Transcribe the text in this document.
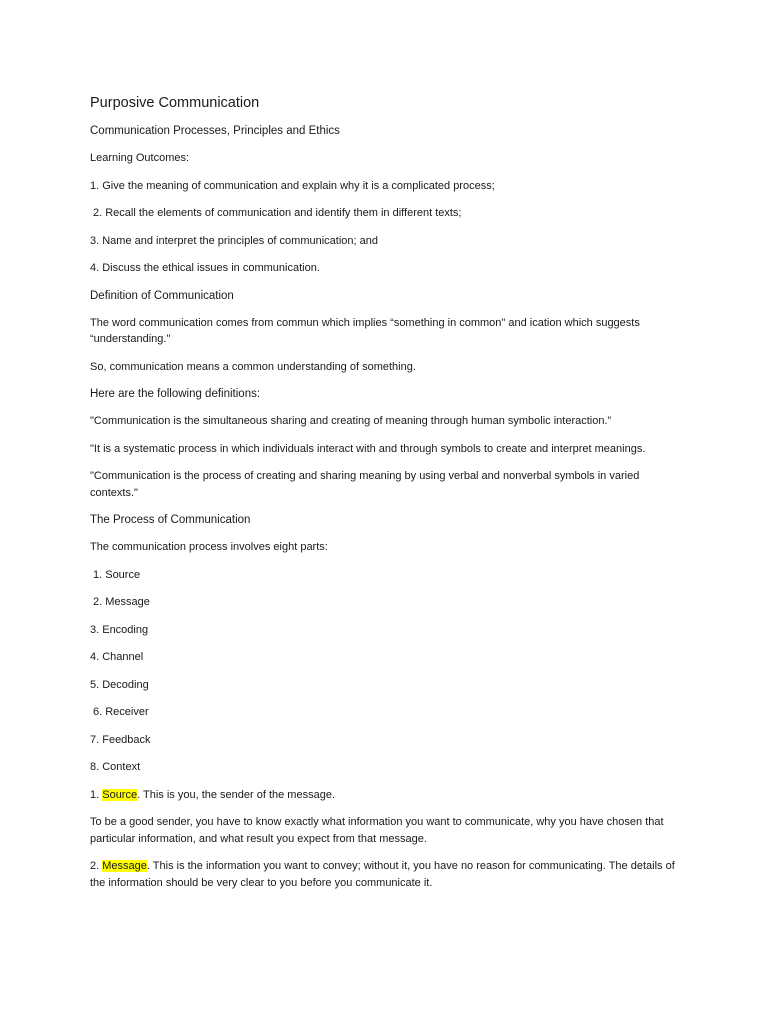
Purposive Communication
Communication Processes, Principles and Ethics
Learning Outcomes:
1. Give the meaning of communication and explain why it is a complicated process;
2. Recall the elements of communication and identify them in different texts;
3. Name and interpret the principles of communication; and
4. Discuss the ethical issues in communication.
Definition of Communication
The word communication comes from commun which implies “something in common" and ication which suggests “understanding."
So, communication means a common understanding of something.
Here are the following definitions:
"Communication is the simultaneous sharing and creating of meaning through human symbolic interaction.”
"It is a systematic process in which individuals interact with and through symbols to create and interpret meanings.
"Communication is the process of creating and sharing meaning by using verbal and nonverbal symbols in varied contexts."
The Process of Communication
The communication process involves eight parts:
1. Source
2. Message
3. Encoding
4. Channel
5. Decoding
6. Receiver
7. Feedback
8. Context
1. Source. This is you, the sender of the message.
To be a good sender, you have to know exactly what information you want to communicate, why you have chosen that particular information, and what result you expect from that message.
2. Message. This is the information you want to convey; without it, you have no reason for communicating. The details of the information should be very clear to you before you communicate it.
